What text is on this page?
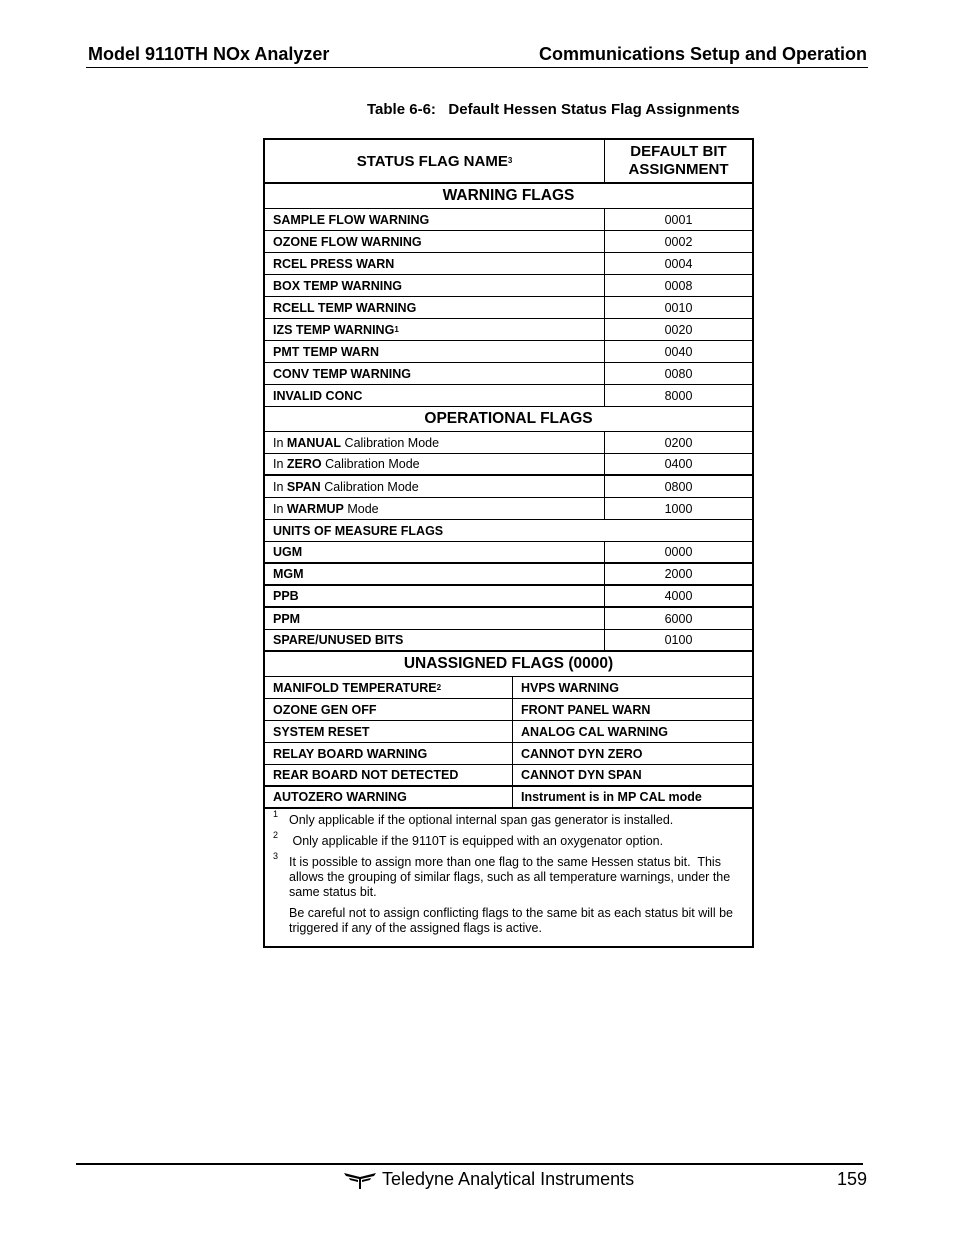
Model 9110TH NOx Analyzer	Communications Setup and Operation
Table 6-6:   Default Hessen Status Flag Assignments
STATUS FLAG NAME 3
DEFAULT BIT
ASSIGNMENT
WARNING FLAGS
SAMPLE FLOW WARNING	0001
OZONE FLOW WARNING	0002
RCEL PRESS WARN	0004
BOX TEMP WARNING	0008
RCELL TEMP WARNING	0010
IZS TEMP WARNING 1	0020
PMT TEMP WARN	0040
CONV TEMP WARNING	0080
INVALID CONC	8000
OPERATIONAL FLAGS
In MANUAL Calibration Mode	0200
In ZERO Calibration Mode	0400
In SPAN Calibration Mode	0800
In WARMUP Mode	1000
UNITS OF MEASURE FLAGS
UGM	0000
MGM	2000
PPB	4000
PPM	6000
SPARE/UNUSED BITS	0100
UNASSIGNED FLAGS (0000)
MANIFOLD TEMPERATURE 2	HVPS WARNING
OZONE GEN OFF	FRONT PANEL WARN
SYSTEM RESET	ANALOG CAL WARNING
RELAY BOARD WARNING	CANNOT DYN ZERO
REAR BOARD NOT DETECTED	CANNOT DYN SPAN
AUTOZERO WARNING	Instrument is in MP CAL mode
1 Only applicable if the optional internal span gas generator is installed.
2 Only applicable if the 9110T is equipped with an oxygenator option.
3 It is possible to assign more than one flag to the same Hessen status bit.  This allows the grouping of similar flags, such as all temperature warnings, under the same status bit.
Be careful not to assign conflicting flags to the same bit as each status bit will be triggered if any of the assigned flags is active.
Teledyne Analytical Instruments	159
